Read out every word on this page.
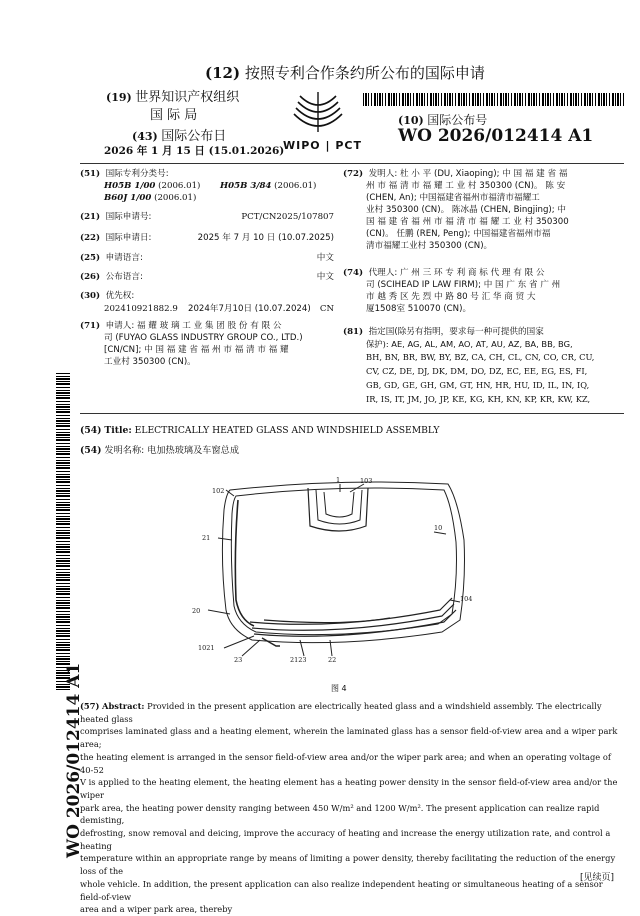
(12) 按照专利合作条约所公布的国际申请
(19) 世界知识产权组织
国 际 局
(43) 国际公布日
2026 年 1 月 15 日 (15.01.2026)
WIPO | PCT
(10) 国际公布号
WO 2026/012414 A1
(51) 国际专利分类号:
H05B 1/00 (2006.01)	H05B 3/84 (2006.01)
B60J 1/00 (2006.01)
(21) 国际申请号:	PCT/CN2025/107807
(22) 国际申请日:	2025 年 7 月 10 日 (10.07.2025)
(25) 申请语言:	中文
(26) 公布语言:	中文
(30) 优先权:
202410921882.9 2024年7月10日 (10.07.2024) CN
(71) 申请人: 福 耀 玻 璃 工 业 集 团 股 份 有 限 公
司 (FUYAO GLASS INDUSTRY GROUP CO., LTD.)
[CN/CN]; 中 国 福 建 省 福 州 市 福 清 市 福 耀
工业村 350300 (CN)。
(72) 发明人: 杜 小 平 (DU, Xiaoping); 中 国 福 建 省 福
州 市 福 清 市 福 耀 工 业 村 350300 (CN)。 陈 安
(CHEN, An); 中国福建省福州市福清市福耀工
业村 350300 (CN)。 陈冰晶 (CHEN, Bingjing); 中
国 福 建 省 福 州 市 福 清 市 福 耀 工 业 村 350300
(CN)。 任鹏 (REN, Peng); 中国福建省福州市福
清市福耀工业村 350300 (CN)。
(74) 代理人: 广 州 三 环 专 利 商 标 代 理 有 限 公
司 (SCIHEAD IP LAW FIRM); 中 国 广 东 省 广 州
市 越 秀 区 先 烈 中 路 80 号 汇 华 商 贸 大
厦1508室 510070 (CN)。
(81) 指定国(除另有指明，要求每一种可提供的国家
保护): AE, AG, AL, AM, AO, AT, AU, AZ, BA, BB, BG,
BH, BN, BR, BW, BY, BZ, CA, CH, CL, CN, CO, CR, CU,
CV, CZ, DE, DJ, DK, DM, DO, DZ, EC, EE, EG, ES, FI,
GB, GD, GE, GH, GM, GT, HN, HR, HU, ID, IL, IN, IQ,
IR, IS, IT, JM, JO, JP, KE, KG, KH, KN, KP, KR, KW, KZ,
(54) Title: ELECTRICALLY HEATED GLASS AND WINDSHIELD ASSEMBLY
(54) 发明名称: 电加热玻璃及车窗总成
102
1	103
10
21
104
20
1021
23	2123	22
图 4
(57) Abstract: Provided in the present application are electrically heated glass and a windshield assembly. The electrically heated glass
comprises laminated glass and a heating element, wherein the laminated glass has a sensor field-of-view area and a wiper park area;
the heating element is arranged in the sensor field-of-view area and/or the wiper park area; and when an operating voltage of 40-52
V is applied to the heating element, the heating element has a heating power density in the sensor field-of-view area and/or the wiper
park area, the heating power density ranging between 450 W/m² and 1200 W/m². The present application can realize rapid demisting,
defrosting, snow removal and deicing, improve the accuracy of heating and increase the energy utilization rate, and control a heating
temperature within an appropriate range by means of limiting a power density, thereby facilitating the reduction of the energy loss of the
whole vehicle. In addition, the present application can also realize independent heating or simultaneous heating of a sensor field-of-view
area and a wiper park area, thereby
WO 2026/012414 A1
[见续页]
